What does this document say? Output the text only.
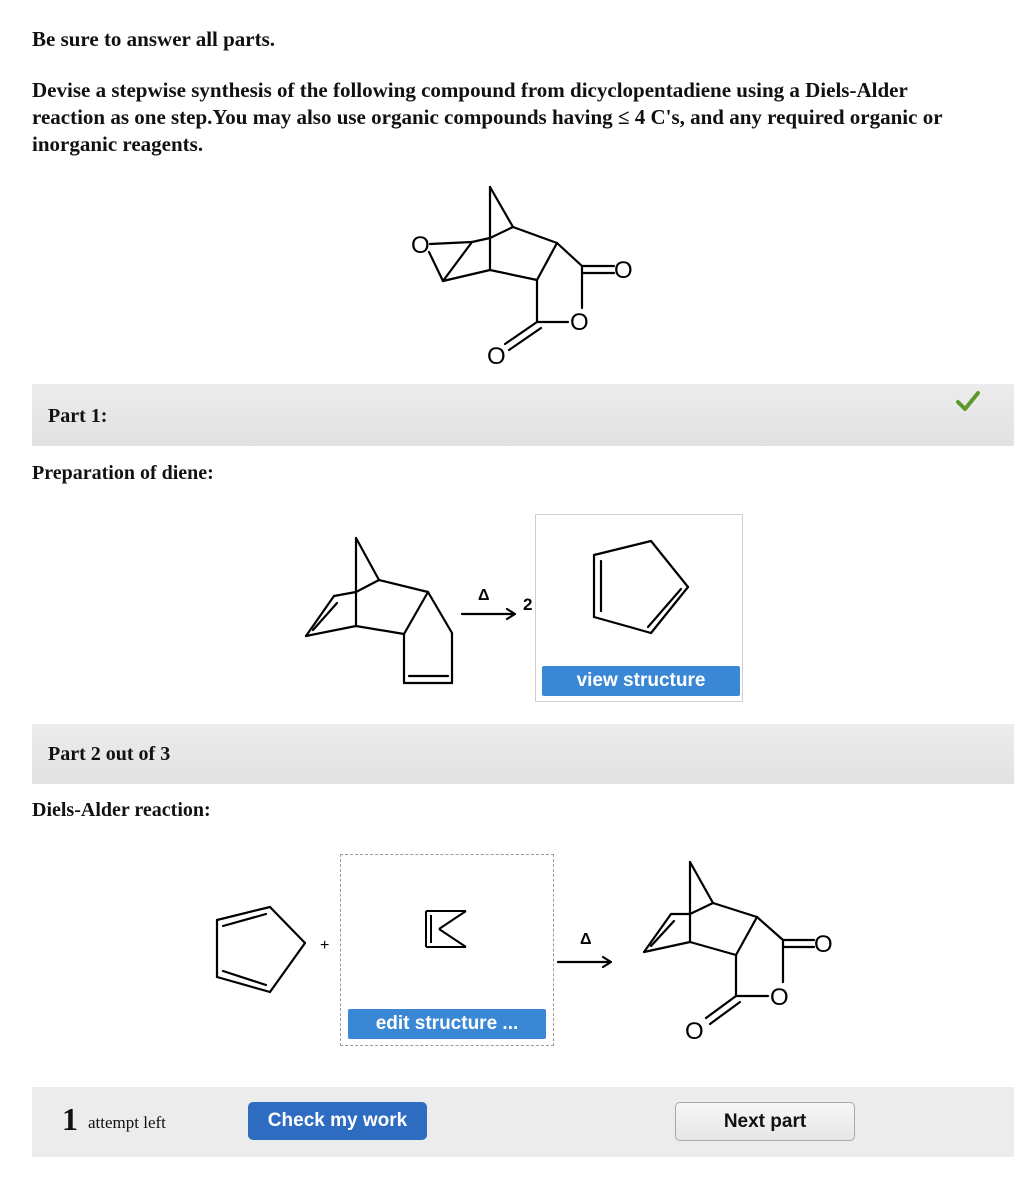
Be sure to answer all parts.
Devise a stepwise synthesis of the following compound from dicyclopentadiene using a Diels-Alder
reaction as one step.You may also use organic compounds having ≤ 4 C's, and any required organic or
inorganic reagents.
O
O
O
O
Part 1:
Preparation of diene:
Δ 2
view structure
Part 2 out of 3
Diels-Alder reaction:
+
edit structure ...
Δ	O
O
O
1 attempt left	Check my work	Next part
